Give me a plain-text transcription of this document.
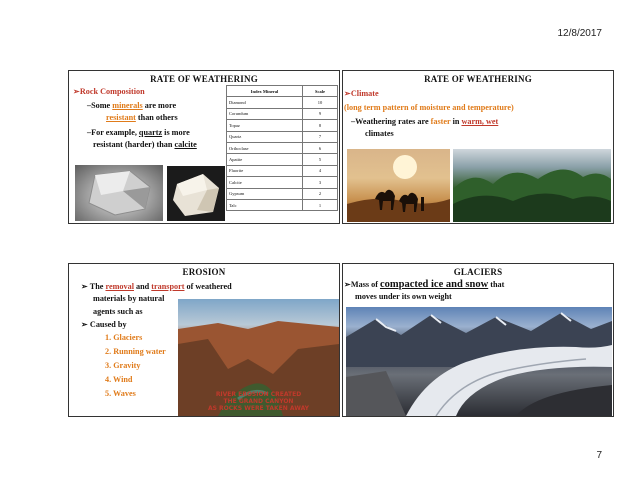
12/8/2017
RATE OF WEATHERING
➢Rock Composition
–Some minerals are more
resistant than others
–For example, quartz is more
resistant (harder) than calcite
Index Mineral	Scale
Diamond	10
Corundum	9
Topaz	8
Quartz	7
Orthoclase	6
Apatite	5
Fluorite	4
Calcite	3
Gypsum	2
Talc	1
RATE OF WEATHERING
➢Climate
(long term pattern of moisture and temperature)
–Weathering rates are faster in warm, wet
climates
EROSION
➢ The removal and transport of weathered
materials by natural
agents such as
➢ Caused by
1. Glaciers
2. Running water
3. Gravity
4. Wind
5. Waves	RIVER EROSION CREATED
THE GRAND CANYON
AS ROCKS WERE TAKEN AWAY
GLACIERS
➢Mass of compacted ice and snow that
moves under its own weight
7
